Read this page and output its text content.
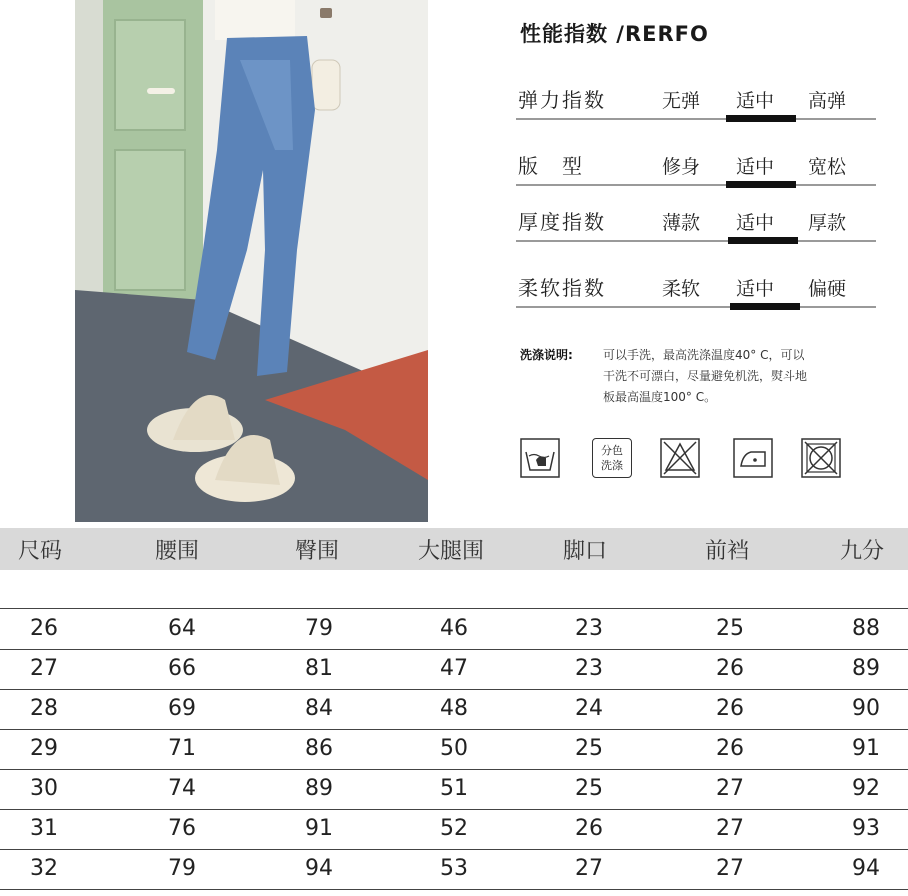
性能指数 /RERFO
弹力指数	无弹 适中 高弹
版　型	修身 适中 宽松
厚度指数	薄款 适中 厚款
柔软指数	柔软 适中 偏硬
洗涤说明:	可以手洗，最高洗涤温度40° C，可以
干洗不可漂白，尽量避免机洗，熨斗地
板最高温度100° C。
分色
洗涤
尺码	腰围	臀围	大腿围	脚口	前裆	九分
26	64	79	46	23	25	88
27	66	81	47	23	26	89
28	69	84	48	24	26	90
29	71	86	50	25	26	91
30	74	89	51	25	27	92
31	76	91	52	26	27	93
32	79	94	53	27	27	94
